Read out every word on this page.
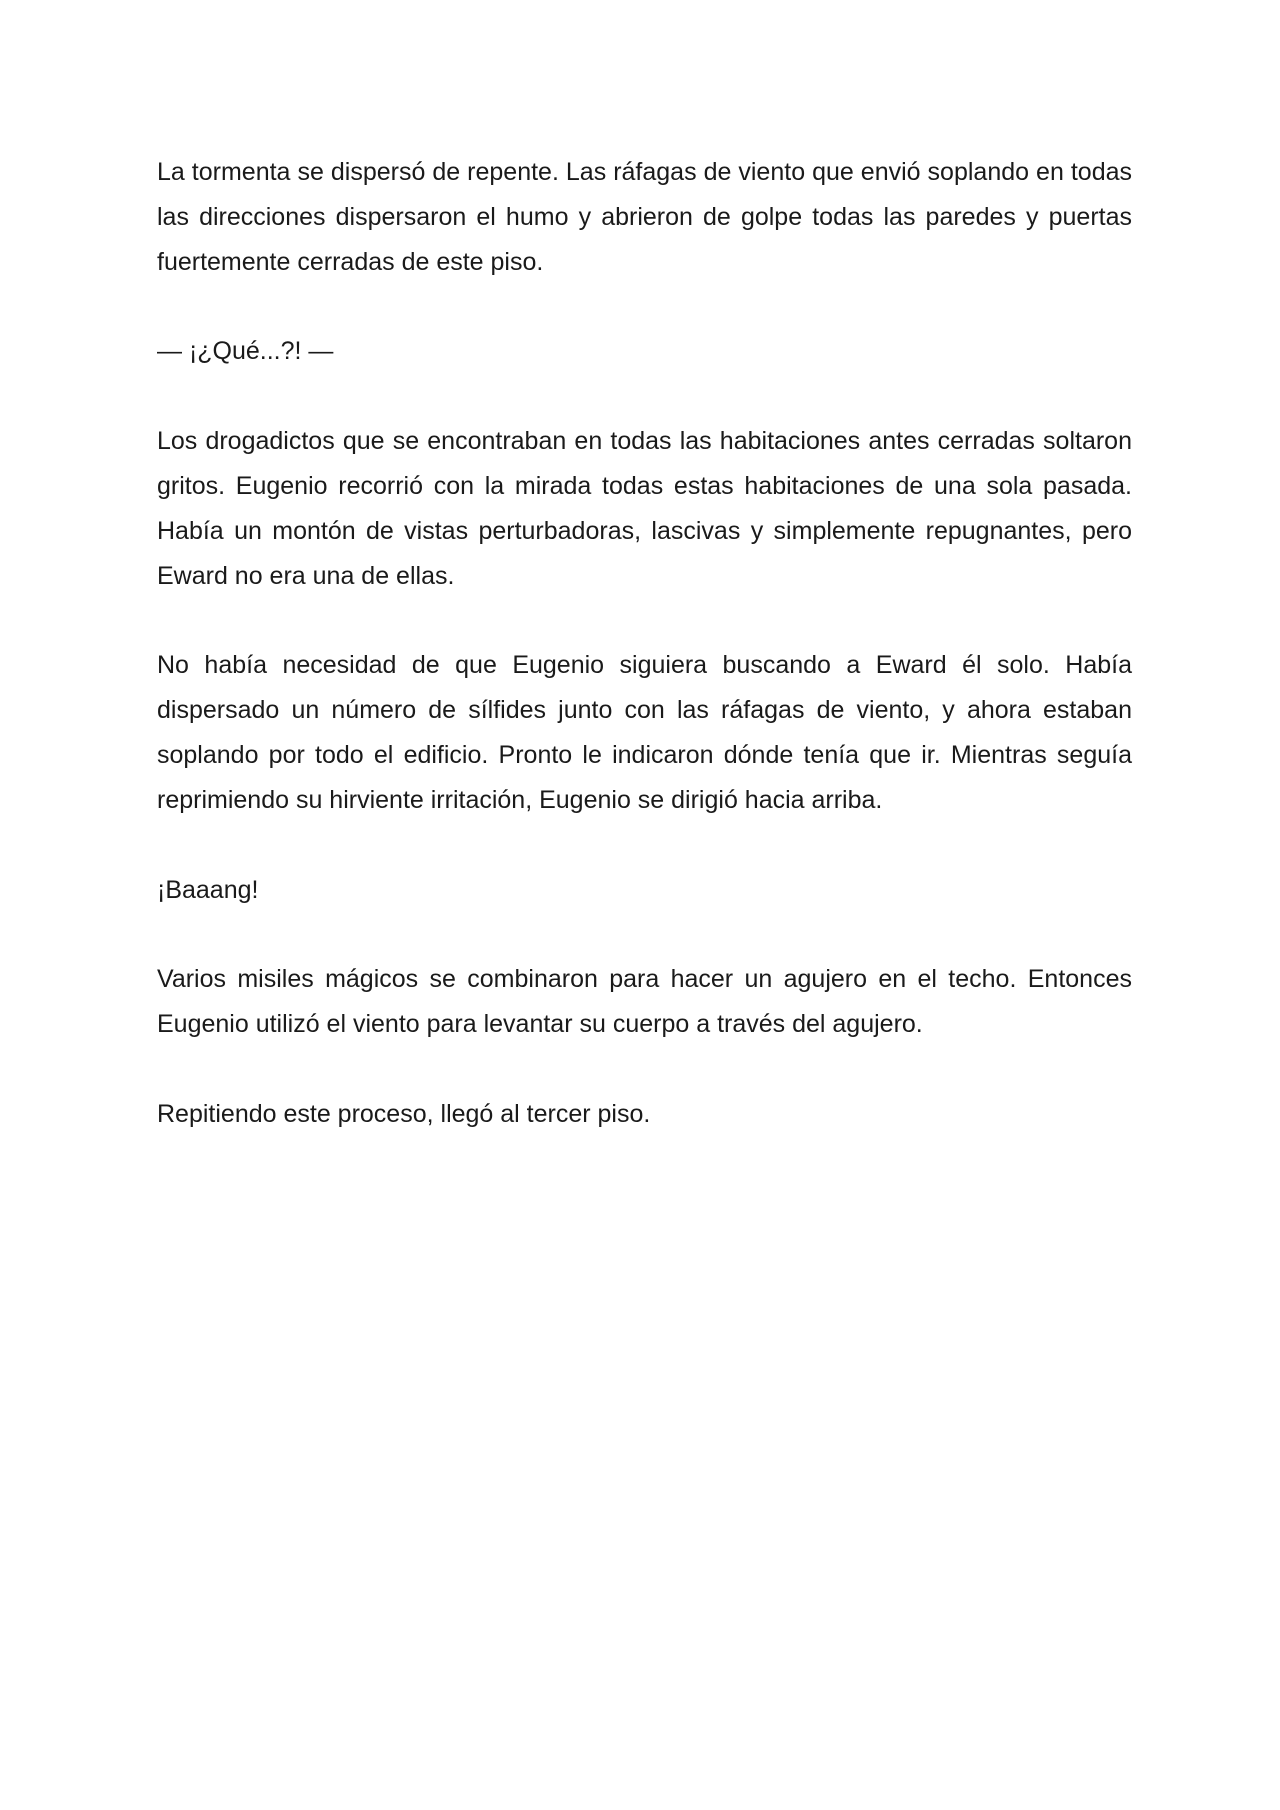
La tormenta se dispersó de repente. Las ráfagas de viento que envió soplando en todas las direcciones dispersaron el humo y abrieron de golpe todas las paredes y puertas fuertemente cerradas de este piso.

— ¡¿Qué...?! —

Los drogadictos que se encontraban en todas las habitaciones antes cerradas soltaron gritos. Eugenio recorrió con la mirada todas estas habitaciones de una sola pasada. Había un montón de vistas perturbadoras, lascivas y simplemente repugnantes, pero Eward no era una de ellas.

No había necesidad de que Eugenio siguiera buscando a Eward él solo. Había dispersado un número de sílfides junto con las ráfagas de viento, y ahora estaban soplando por todo el edificio. Pronto le indicaron dónde tenía que ir. Mientras seguía reprimiendo su hirviente irritación, Eugenio se dirigió hacia arriba.

¡Baaang!

Varios misiles mágicos se combinaron para hacer un agujero en el techo. Entonces Eugenio utilizó el viento para levantar su cuerpo a través del agujero.

Repitiendo este proceso, llegó al tercer piso.
